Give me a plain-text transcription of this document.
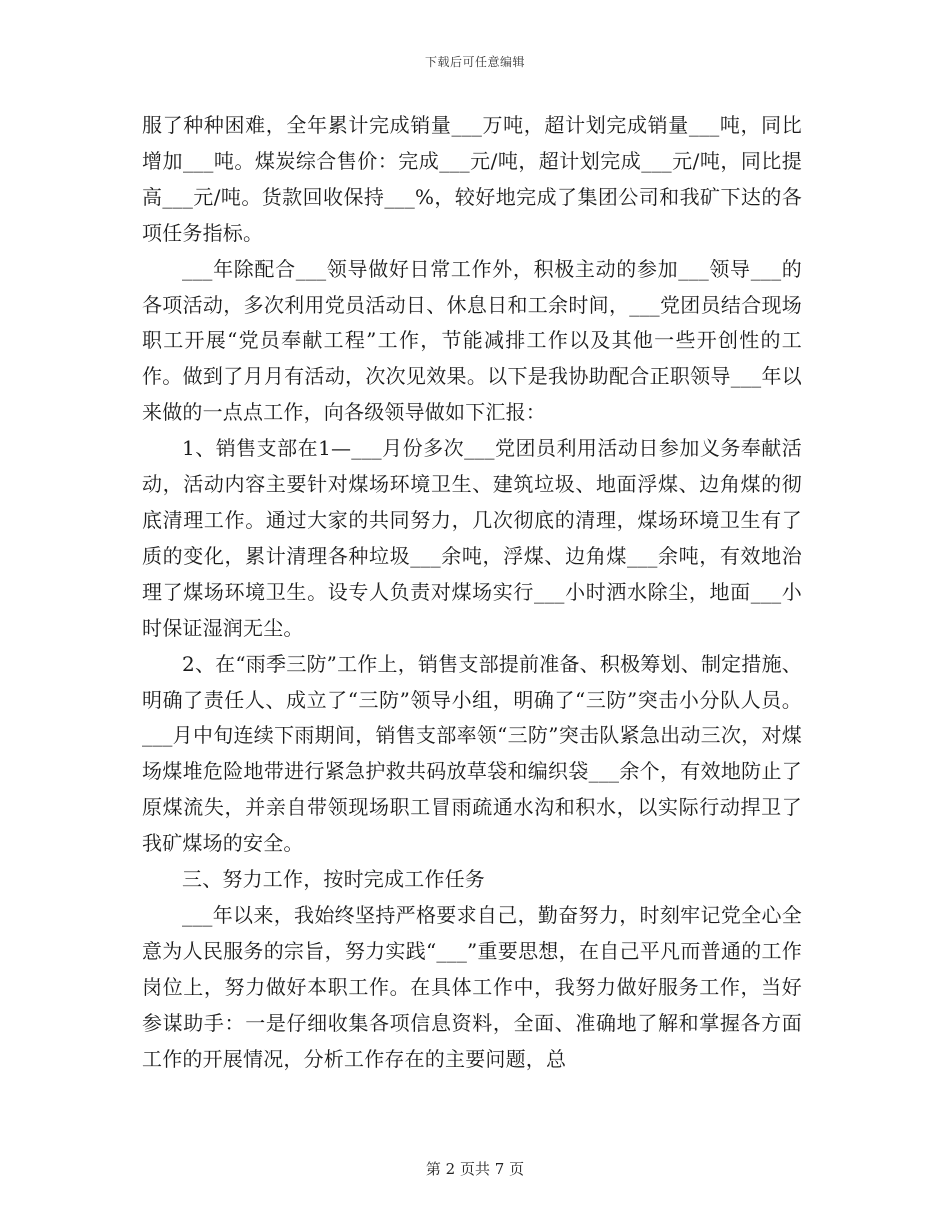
下载后可任意编辑

服了种种困难，全年累计完成销量___万吨，超计划完成销量___吨，同比增加___吨。煤炭综合售价：完成___元/吨，超计划完成___元/吨，同比提高___元/吨。货款回收保持___%，较好地完成了集团公司和我矿下达的各项任务指标。

___年除配合___领导做好日常工作外，积极主动的参加___领导___的各项活动，多次利用党员活动日、休息日和工余时间，___党团员结合现场职工开展“党员奉献工程”工作，节能减排工作以及其他一些开创性的工作。做到了月月有活动，次次见效果。以下是我协助配合正职领导___年以来做的一点点工作，向各级领导做如下汇报：

1、销售支部在1—___月份多次___党团员利用活动日参加义务奉献活动，活动内容主要针对煤场环境卫生、建筑垃圾、地面浮煤、边角煤的彻底清理工作。通过大家的共同努力，几次彻底的清理，煤场环境卫生有了质的变化，累计清理各种垃圾___余吨，浮煤、边角煤___余吨，有效地治理了煤场环境卫生。设专人负责对煤场实行___小时洒水除尘，地面___小时保证湿润无尘。

2、在“雨季三防”工作上，销售支部提前准备、积极筹划、制定措施、明确了责任人、成立了“三防”领导小组，明确了“三防”突击小分队人员。___月中旬连续下雨期间，销售支部率领“三防”突击队紧急出动三次，对煤场煤堆危险地带进行紧急护救共码放草袋和编织袋___余个，有效地防止了原煤流失，并亲自带领现场职工冒雨疏通水沟和积水，以实际行动捍卫了我矿煤场的安全。

三、努力工作，按时完成工作任务

___年以来，我始终坚持严格要求自己，勤奋努力，时刻牢记党全心全意为人民服务的宗旨，努力实践“___”重要思想，在自己平凡而普通的工作岗位上，努力做好本职工作。在具体工作中，我努力做好服务工作，当好参谋助手：一是仔细收集各项信息资料，全面、准确地了解和掌握各方面工作的开展情况，分析工作存在的主要问题，总

第 2 页共 7 页
